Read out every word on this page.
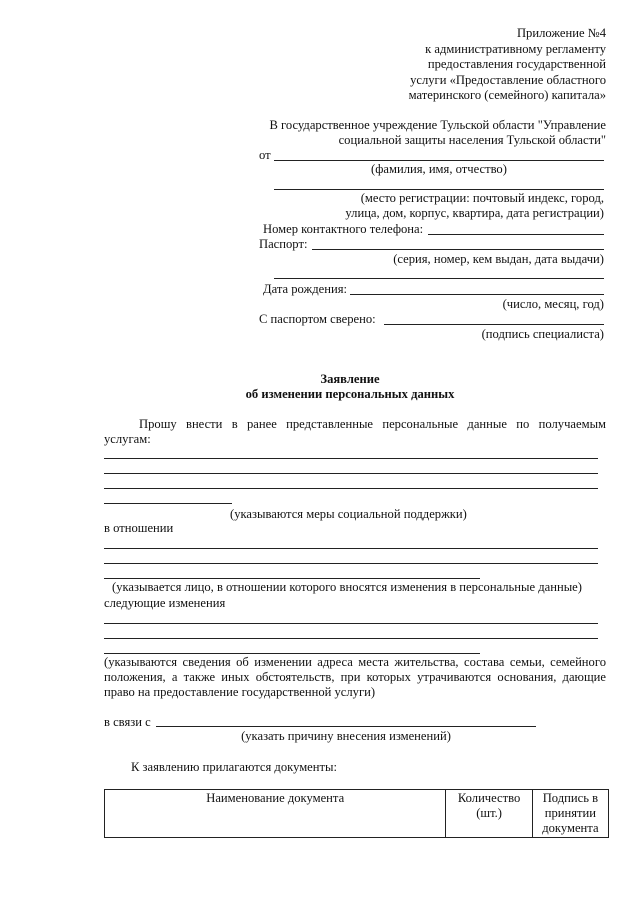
Приложение №4
к административному регламенту
предоставления государственной
услуги «Предоставление областного
материнского (семейного) капитала»
В государственное учреждение Тульской области "Управление
социальной защиты населения Тульской области"
от
(фамилия, имя, отчество)
(место регистрации: почтовый индекс, город,
улица, дом, корпус, квартира, дата регистрации)
Номер контактного телефона:
Паспорт:
(серия, номер, кем выдан, дата выдачи)
Дата рождения:
(число, месяц, год)
С паспортом сверено:
(подпись специалиста)
Заявление
об изменении персональных данных
Прошу внести в ранее представленные персональные данные по получаемым
услугам:
(указываются меры социальной поддержки)
в отношении
(указывается лицо, в отношении которого вносятся изменения в персональные данные)
следующие изменения
(указываются сведения об изменении адреса места жительства, состава семьи, семейного
положения, а также иных обстоятельств, при которых утрачиваются основания, дающие
право на предоставление государственной услуги)
в связи с
(указать причину внесения изменений)
К заявлению прилагаются документы:
Наименование документа	Количество (шт.)	Подпись в принятии документа
